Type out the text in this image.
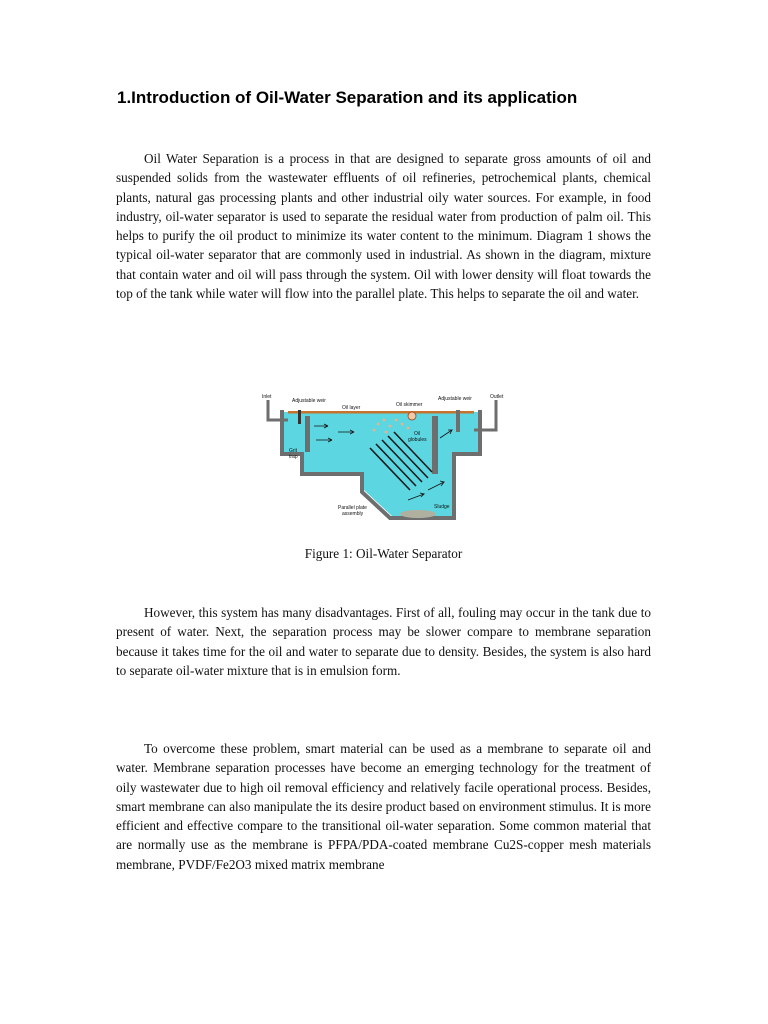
1.Introduction of Oil-Water Separation and its application

Oil Water Separation is a process in that are designed to separate gross amounts of oil and suspended solids from the wastewater effluents of oil refineries, petrochemical plants, chemical plants, natural gas processing plants and other industrial oily water sources. For example, in food industry, oil-water separator is used to separate the residual water from production of palm oil. This helps to purify the oil product to minimize its water content to the minimum. Diagram 1 shows the typical oil-water separator that are commonly used in industrial. As shown in the diagram, mixture that contain water and oil will pass through the system. Oil with lower density will float towards the top of the tank while water will flow into the parallel plate. This helps to separate the oil and water.

Inlet
Adjustable weir
Oil layer	Oil skimmer
Adjustable weir	Outlet
Oil
globules
Grit
trap
Parallel plate
assembly
Sludge

Figure 1: Oil-Water Separator

However, this system has many disadvantages. First of all, fouling may occur in the tank due to present of water. Next, the separation process may be slower compare to membrane separation because it takes time for the oil and water to separate due to density. Besides, the system is also hard to separate oil-water mixture that is in emulsion form.

To overcome these problem, smart material can be used as a membrane to separate oil and water. Membrane separation processes have become an emerging technology for the treatment of oily wastewater due to high oil removal efficiency and relatively facile operational process. Besides, smart membrane can also manipulate the its desire product based on environment stimulus. It is more efficient and effective compare to the transitional oil-water separation. Some common material that are normally use as the membrane is PFPA/PDA-coated membrane Cu2S-copper mesh materials membrane, PVDF/Fe2O3 mixed matrix membrane
